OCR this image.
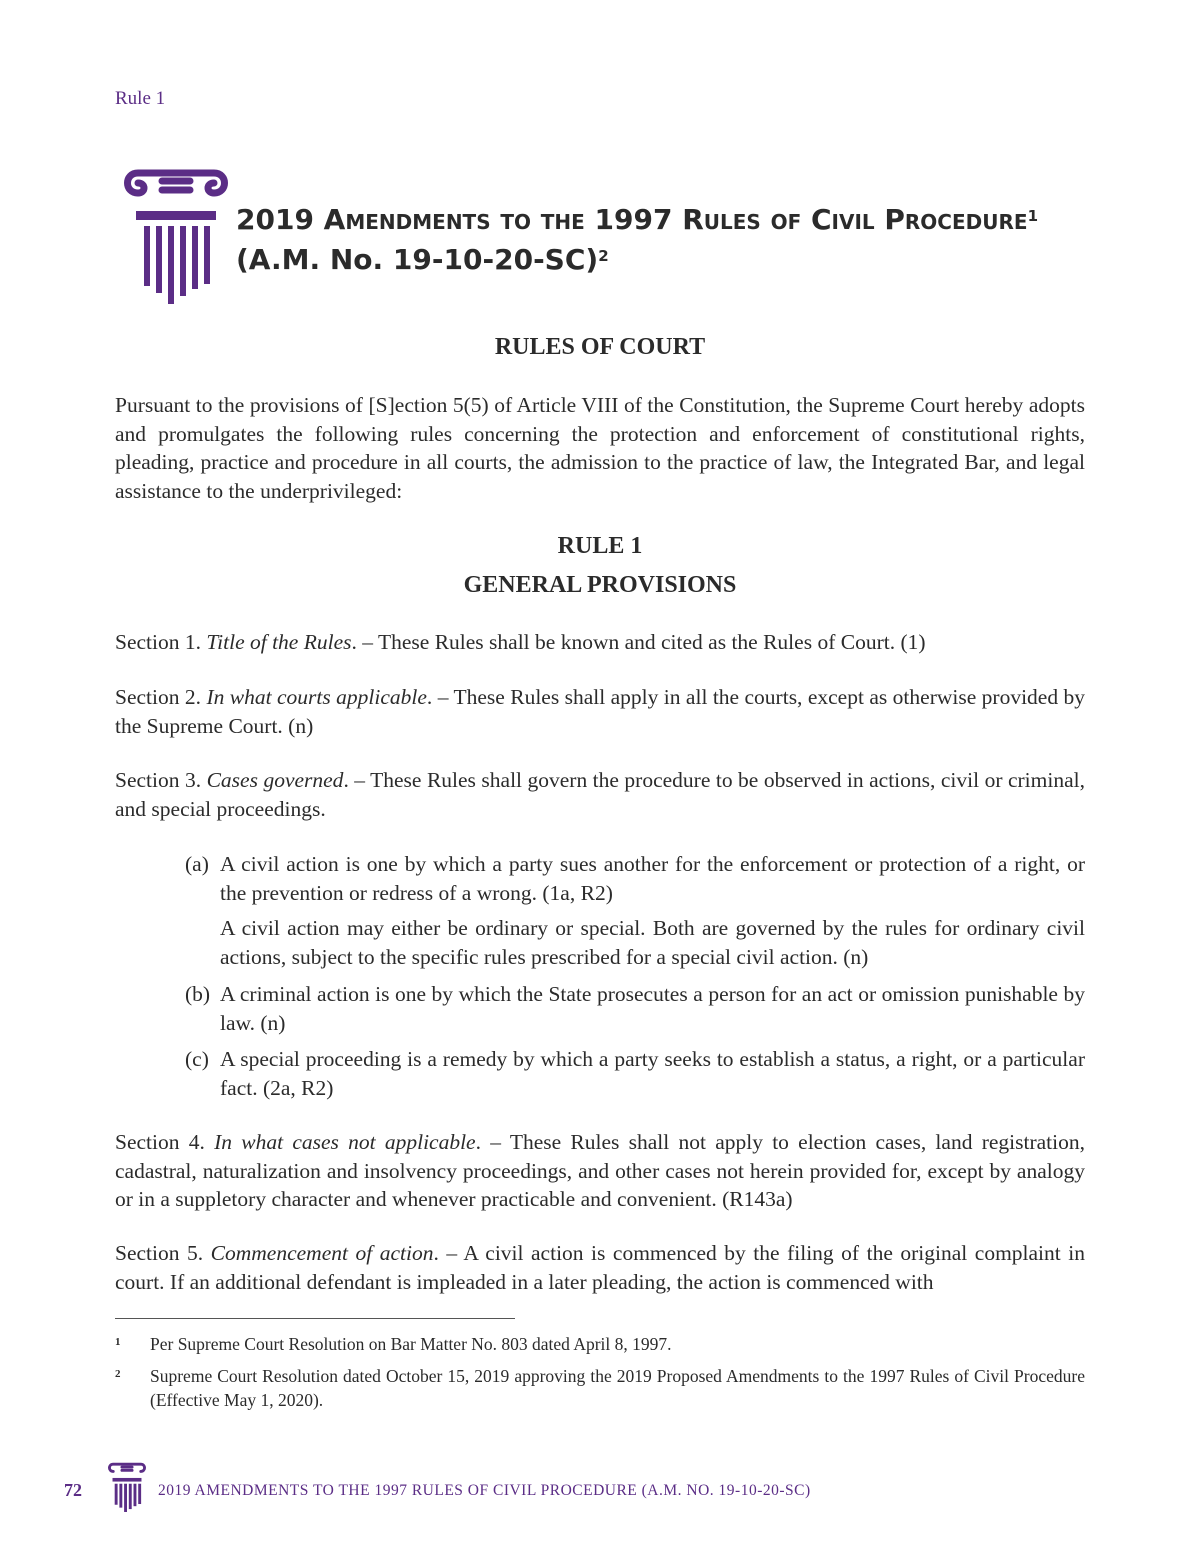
Rule 1
2019 Amendments to the 1997 Rules of Civil Procedure$^1$
(A.M. No. 19-10-20-SC)$^2$
RULES OF COURT
Pursuant to the provisions of [S]ection 5(5) of Article VIII of the Constitution, the Supreme Court hereby adopts and promulgates the following rules concerning the protection and enforcement of constitutional rights, pleading, practice and procedure in all courts, the admission to the practice of law, the Integrated Bar, and legal assistance to the underprivileged:
RULE 1
GENERAL PROVISIONS
Section 1. Title of the Rules. – These Rules shall be known and cited as the Rules of Court. (1)
Section 2. In what courts applicable. – These Rules shall apply in all the courts, except as otherwise provided by the Supreme Court. (n)
Section 3. Cases governed. – These Rules shall govern the procedure to be observed in actions, civil or criminal, and special proceedings.
(a) A civil action is one by which a party sues another for the enforcement or protection of a right, or the prevention or redress of a wrong. (1a, R2)
A civil action may either be ordinary or special. Both are governed by the rules for ordinary civil actions, subject to the specific rules prescribed for a special civil action. (n)
(b) A criminal action is one by which the State prosecutes a person for an act or omission punishable by law. (n)
(c) A special proceeding is a remedy by which a party seeks to establish a status, a right, or a particular fact. (2a, R2)
Section 4. In what cases not applicable. – These Rules shall not apply to election cases, land registration, cadastral, naturalization and insolvency proceedings, and other cases not herein provided for, except by analogy or in a suppletory character and whenever practicable and convenient. (R143a)
Section 5. Commencement of action. – A civil action is commenced by the filing of the original complaint in court. If an additional defendant is impleaded in a later pleading, the action is commenced with
1 Per Supreme Court Resolution on Bar Matter No. 803 dated April 8, 1997.
2 Supreme Court Resolution dated October 15, 2019 approving the 2019 Proposed Amendments to the 1997 Rules of Civil Procedure (Effective May 1, 2020).
72	2019 AMENDMENTS TO THE 1997 RULES OF CIVIL PROCEDURE (A.M. NO. 19-10-20-SC)
